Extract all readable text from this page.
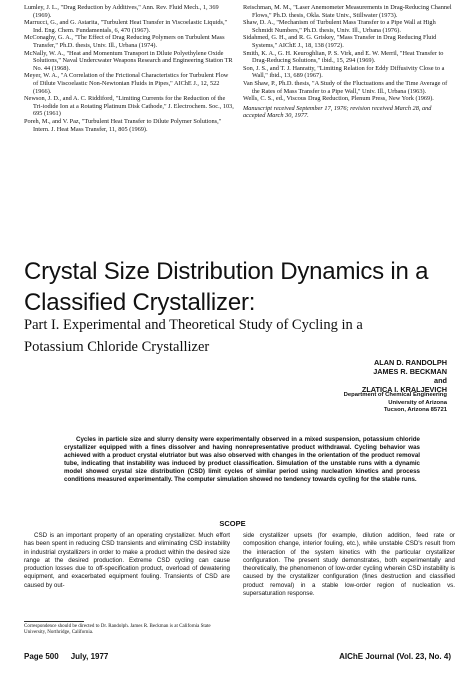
Lumley, J. L., "Drag Reduction by Additives," Ann. Rev. Fluid Mech., 1, 369 (1969).

Marrucci, G., and G. Astarita, "Turbulent Heat Transfer in Viscoelastic Liquids," Ind. Eng. Chem. Fundamentals, 6, 470 (1967).

McConaghy, G. A., "The Effect of Drag Reducing Polymers on Turbulent Mass Transfer," Ph.D. thesis, Univ. Ill., Urbana (1974).

McNally, W. A., "Heat and Momentum Transport in Dilute Polyethylene Oxide Solutions," Naval Undercwater Weapons Research and Engineering Station TR No. 44 (1968).

Meyer, W. A., "A Correlation of the Frictional Characteristics for Turbulent Flow of Dilute Viscoelastic Non-Newtonian Fluids in Pipes," AIChE J., 12, 522 (1966).

Newson, J. D., and A. C. Riddiford, "Limiting Currents for the Reduction of the Tri-iodide Ion at a Rotating Platinum Disk Cathode," J. Electrochem. Soc., 103, 695 (1961)

Poreh, M., and V. Paz, "Turbulent Heat Transfer to Dilute Polymer Solutions," Intern. J. Heat Mass Transfer, 11, 805 (1969).

Reischman, M. M., "Laser Anemometer Measurements in Drag-Reducing Channel Flows," Ph.D. thesis, Okla. State Univ., Stillwater (1973).

Shaw, D. A., "Mechanism of Turbulent Mass Transfer to a Pipe Wall at High Schmidt Numbers," Ph.D. thesis, Univ. Ill., Urbana (1976).

Sidahmed, G. H., and R. G. Griskey, "Mass Transfer in Drag Reducing Fluid Systems," AIChE J., 18, 138 (1972).

Smith, K. A., G. H. Keuroghlian, P. S. Virk, and E. W. Merril, "Heat Transfer to Drag-Reducing Solutions," ibid., 15, 294 (1969).

Son, J. S., and T. J. Hanratty, "Limiting Relation for Eddy Diffusivity Close to a Wall," ibid., 13, 689 (1967).

Van Shaw, P., Ph.D. thesis, "A Study of the Fluctuations and the Time Average of the Rates of Mass Transfer to a Pipe Wall," Univ. Ill., Urbana (1963).

Wells, C. S., ed., Viscous Drag Reduction, Plenum Press, New York (1969).

Manuscript received September 17, 1976; revision received March 28, and accepted March 30, 1977.

Crystal Size Distribution Dynamics in a
Classified Crystallizer:
Part I. Experimental and Theoretical Study of Cycling in a
Potassium Chloride Crystallizer
ALAN D. RANDOLPH
JAMES R. BECKMAN
and
ZLATICA I. KRALJEVICH
Department of Chemical Engineering
University of Arizona
Tucson, Arizona 85721
Cycles in particle size and slurry density were experimentally observed in a mixed suspension, potassium chloride crystallizer equipped with a fines dissolver and having nonrepresentative product withdrawal. Cycling behavior was achieved with a product crystal elutriator but was also observed with changes in the orientation of the product removal tube, indicating that instability was induced by product classification. Simulation of the unstable runs with a dynamic model showed crystal size distribution (CSD) limit cycles of similar period using nucleation kinetics and process conditions measured experimentally. The computer simulation showed no tendency towards cycling for the stable runs.
SCOPE
CSD is an important property of an operating crystallizer. Much effort has been spent in reducing CSD transients and eliminating CSD instability in industrial crystallizers in order to make a product within the desired size range at the desired production. Extreme CSD cycling can cause production losses due to off-specification product, overload of dewatering equipment, and exacerbated equipment fouling. Transients of CSD are caused by out-
side crystallizer upsets (for example, dilution addition, feed rate or composition change, interior fouling, etc.), while unstable CSD's result from the interaction of the system kinetics with the particular crystallizer configuration. The present study demonstrates, both experimentally and theoretically, the phenomenon of low-order cycling wherein CSD instability is caused by the crystallizer configuration (fines destruction and classified product removal) in a stable low-order region of nucleation vs. supersaturation response.
Correspondence should be directed to Dr. Randolph. James R. Beckman is at California State University, Northridge, California.
Page 500 July, 1977	AIChE Journal (Vol. 23, No. 4)
